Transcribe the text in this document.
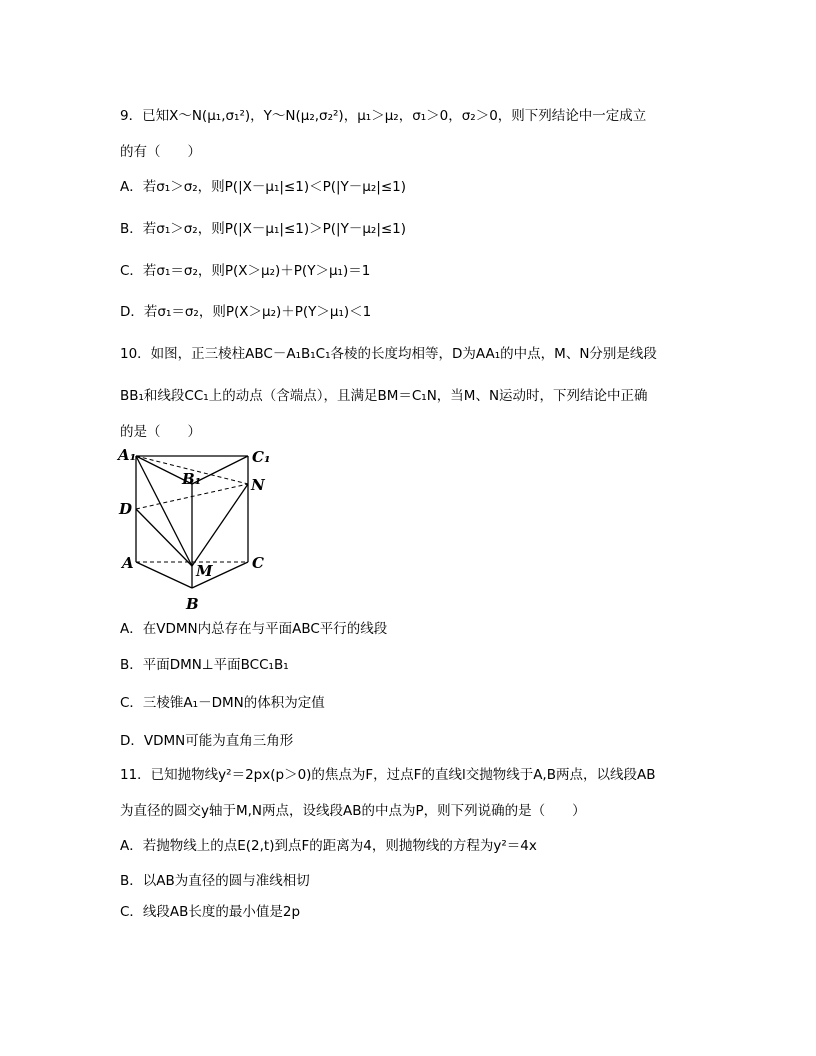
9．已知X～N(μ₁,σ₁²)，Y～N(μ₂,σ₂²)，μ₁＞μ₂，σ₁＞0，σ₂＞0，则下列结论中一定成立
的有（　　）
A．若σ₁＞σ₂，则P(|X－μ₁|≤1)＜P(|Y－μ₂|≤1)
B．若σ₁＞σ₂，则P(|X－μ₁|≤1)＞P(|Y－μ₂|≤1)
C．若σ₁＝σ₂，则P(X＞μ₂)＋P(Y＞μ₁)＝1
D．若σ₁＝σ₂，则P(X＞μ₂)＋P(Y＞μ₁)＜1
10．如图，正三棱柱ABC－A₁B₁C₁各棱的长度均相等，D为AA₁的中点，M、N分别是线段
BB₁和线段CC₁上的动点（含端点），且满足BM＝C₁N，当M、N运动时，下列结论中正确
的是（　　）
A₁	C₁
B₁	N
D
A	M	C
B
A．在VDMN内总存在与平面ABC平行的线段
B．平面DMN⊥平面BCC₁B₁
C．三棱锥A₁－DMN的体积为定值
D．VDMN可能为直角三角形
11．已知抛物线y²＝2px(p＞0)的焦点为F，过点F的直线l交抛物线于A,B两点，以线段AB
为直径的圆交y轴于M,N两点，设线段AB的中点为P，则下列说确的是（　　）
A．若抛物线上的点E(2,t)到点F的距离为4，则抛物线的方程为y²＝4x
B．以AB为直径的圆与准线相切
C．线段AB长度的最小值是2p
